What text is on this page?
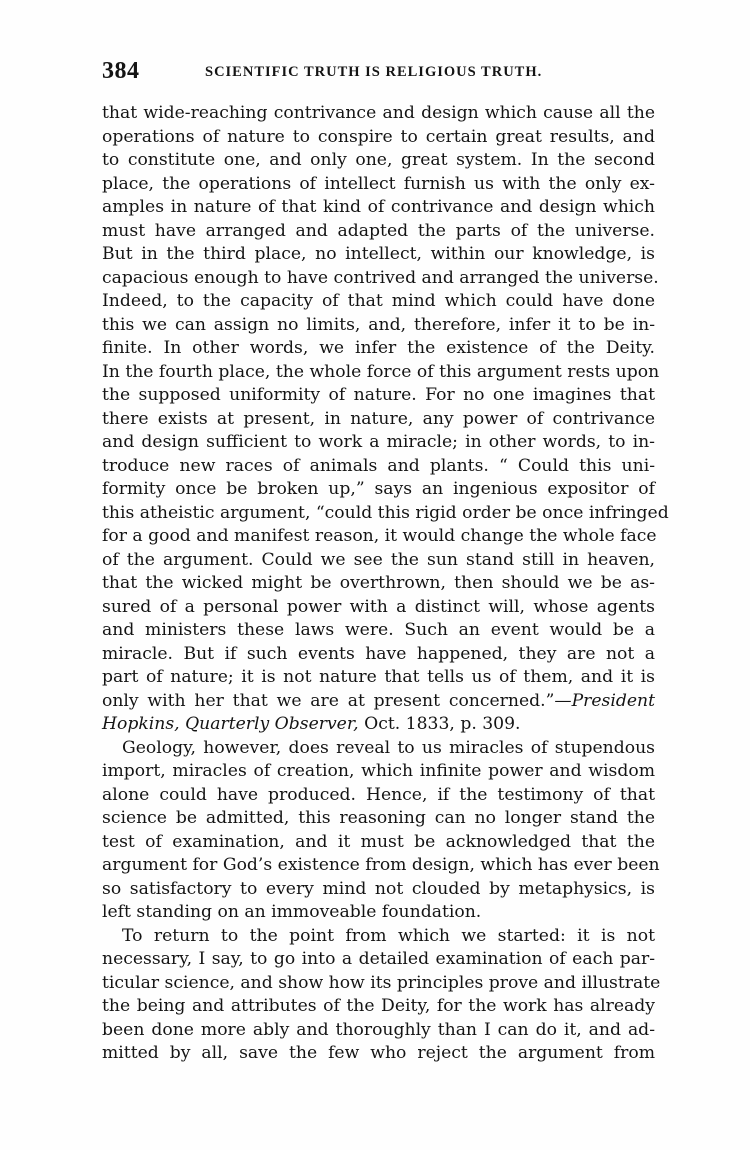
384	SCIENTIFIC TRUTH IS RELIGIOUS TRUTH.
that wide-reaching contrivance and design which cause all the
operations of nature to conspire to certain great results, and
to constitute one, and only one, great system. In the second
place, the operations of intellect furnish us with the only ex-
amples in nature of that kind of contrivance and design which
must have arranged and adapted the parts of the universe.
But in the third place, no intellect, within our knowledge, is
capacious enough to have contrived and arranged the universe.
Indeed, to the capacity of that mind which could have done
this we can assign no limits, and, therefore, infer it to be in-
finite. In other words, we infer the existence of the Deity.
In the fourth place, the whole force of this argument rests upon
the supposed uniformity of nature. For no one imagines that
there exists at present, in nature, any power of contrivance
and design sufficient to work a miracle; in other words, to in-
troduce new races of animals and plants. “ Could this uni-
formity once be broken up,” says an ingenious expositor of
this atheistic argument, “could this rigid order be once infringed
for a good and manifest reason, it would change the whole face
of the argument. Could we see the sun stand still in heaven,
that the wicked might be overthrown, then should we be as-
sured of a personal power with a distinct will, whose agents
and ministers these laws were. Such an event would be a
miracle. But if such events have happened, they are not a
part of nature; it is not nature that tells us of them, and it is
only with her that we are at present concerned.”—President
Hopkins, Quarterly Observer, Oct. 1833, p. 309.
Geology, however, does reveal to us miracles of stupendous
import, miracles of creation, which infinite power and wisdom
alone could have produced. Hence, if the testimony of that
science be admitted, this reasoning can no longer stand the
test of examination, and it must be acknowledged that the
argument for God’s existence from design, which has ever been
so satisfactory to every mind not clouded by metaphysics, is
left standing on an immoveable foundation.
To return to the point from which we started: it is not
necessary, I say, to go into a detailed examination of each par-
ticular science, and show how its principles prove and illustrate
the being and attributes of the Deity, for the work has already
been done more ably and thoroughly than I can do it, and ad-
mitted by all, save the few who reject the argument from
